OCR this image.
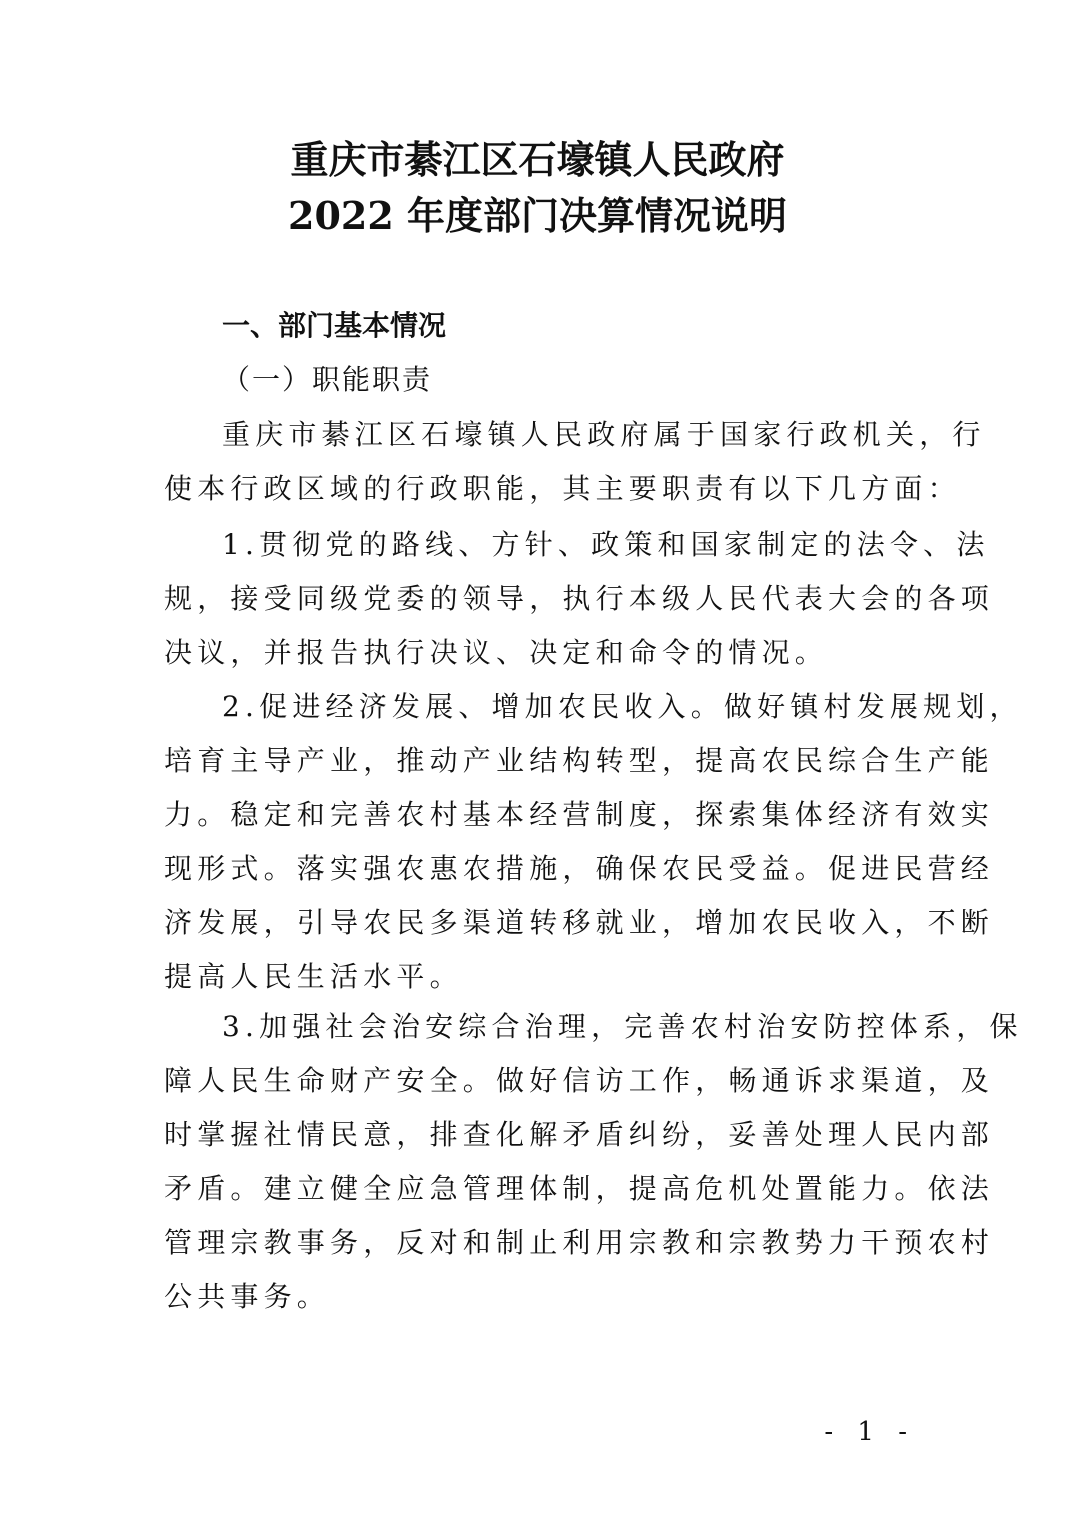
重庆市綦江区石壕镇人民政府
2022 年度部门决算情况说明
一、部门基本情况
（一）职能职责

重庆市綦江区石壕镇人民政府属于国家行政机关，行
使本行政区域的行政职能，其主要职责有以下几方面：

1.贯彻党的路线、方针、政策和国家制定的法令、法
规，接受同级党委的领导，执行本级人民代表大会的各项
决议，并报告执行决议、决定和命令的情况。

2.促进经济发展、增加农民收入。做好镇村发展规划，
培育主导产业，推动产业结构转型，提高农民综合生产能
力。稳定和完善农村基本经营制度，探索集体经济有效实
现形式。落实强农惠农措施，确保农民受益。促进民营经
济发展，引导农民多渠道转移就业，增加农民收入，不断
提高人民生活水平。

3.加强社会治安综合治理，完善农村治安防控体系，保
障人民生命财产安全。做好信访工作，畅通诉求渠道，及
时掌握社情民意，排查化解矛盾纠纷，妥善处理人民内部
矛盾。建立健全应急管理体制，提高危机处置能力。依法
管理宗教事务，反对和制止利用宗教和宗教势力干预农村
公共事务。

- 1 -
